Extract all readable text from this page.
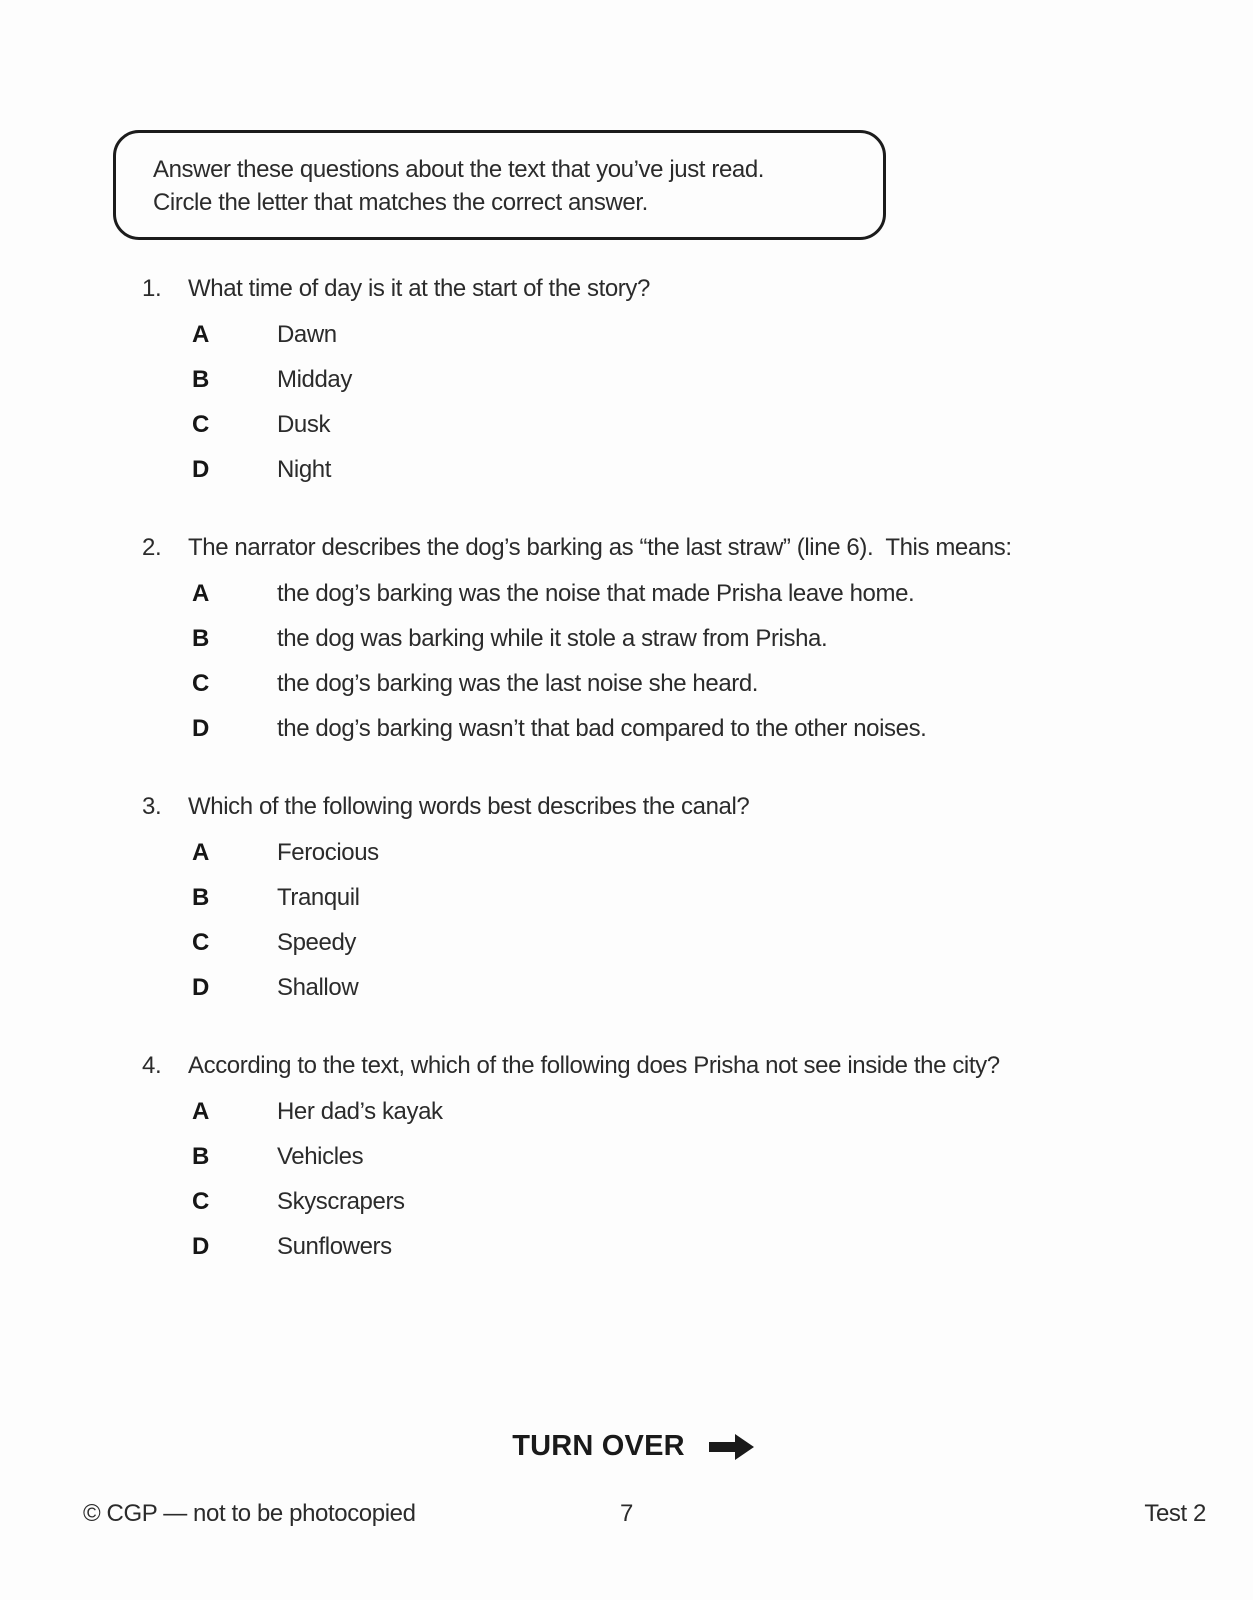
Answer these questions about the text that you’ve just read.
Circle the letter that matches the correct answer.
1.	What time of day is it at the start of the story?
A	Dawn
B	Midday
C	Dusk
D	Night
2.	The narrator describes the dog’s barking as “the last straw” (line 6).  This means:
A	the dog’s barking was the noise that made Prisha leave home.
B	the dog was barking while it stole a straw from Prisha.
C	the dog’s barking was the last noise she heard.
D	the dog’s barking wasn’t that bad compared to the other noises.
3.	Which of the following words best describes the canal?
A	Ferocious
B	Tranquil
C	Speedy
D	Shallow
4.	According to the text, which of the following does Prisha not see inside the city?
A	Her dad’s kayak
B	Vehicles
C	Skyscrapers
D	Sunflowers
TURN OVER
© CGP — not to be photocopied	7	Test 2
